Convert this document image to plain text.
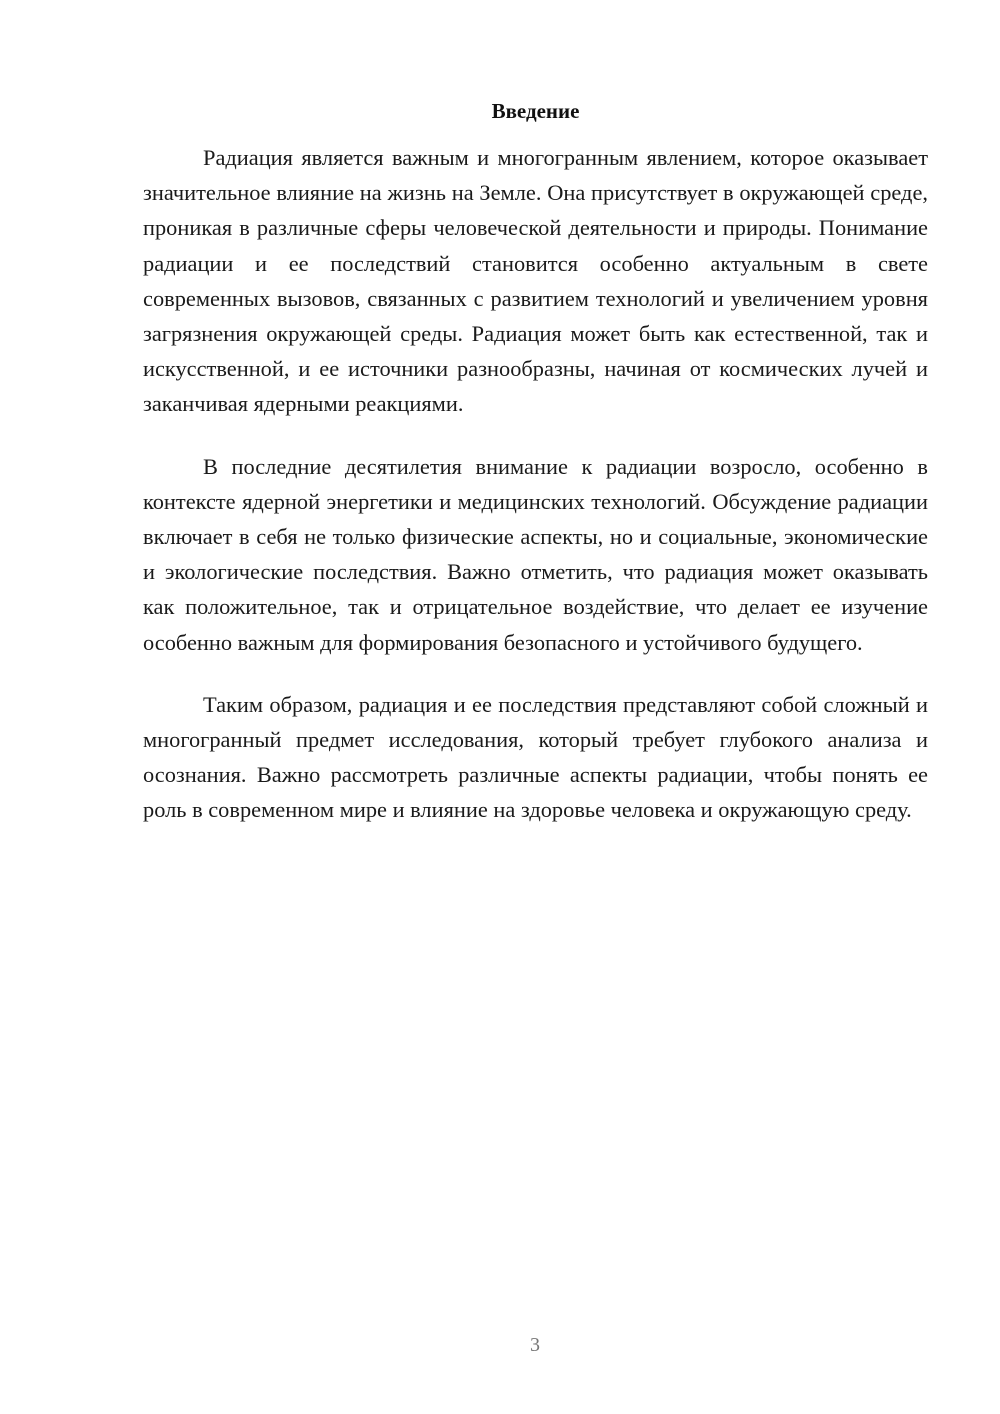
Введение

Радиация является важным и многогранным явлением, которое оказывает значительное влияние на жизнь на Земле. Она присутствует в окружающей среде, проникая в различные сферы человеческой деятельности и природы. Понимание радиации и ее последствий становится особенно актуальным в свете современных вызовов, связанных с развитием технологий и увеличением уровня загрязнения окружающей среды. Радиация может быть как естественной, так и искусственной, и ее источники разнообразны, начиная от космических лучей и заканчивая ядерными реакциями.

В последние десятилетия внимание к радиации возросло, особенно в контексте ядерной энергетики и медицинских технологий. Обсуждение радиации включает в себя не только физические аспекты, но и социальные, экономические и экологические последствия. Важно отметить, что радиация может оказывать как положительное, так и отрицательное воздействие, что делает ее изучение особенно важным для формирования безопасного и устойчивого будущего.

Таким образом, радиация и ее последствия представляют собой сложный и многогранный предмет исследования, который требует глубокого анализа и осознания. Важно рассмотреть различные аспекты радиации, чтобы понять ее роль в современном мире и влияние на здоровье человека и окружающую среду.

3
